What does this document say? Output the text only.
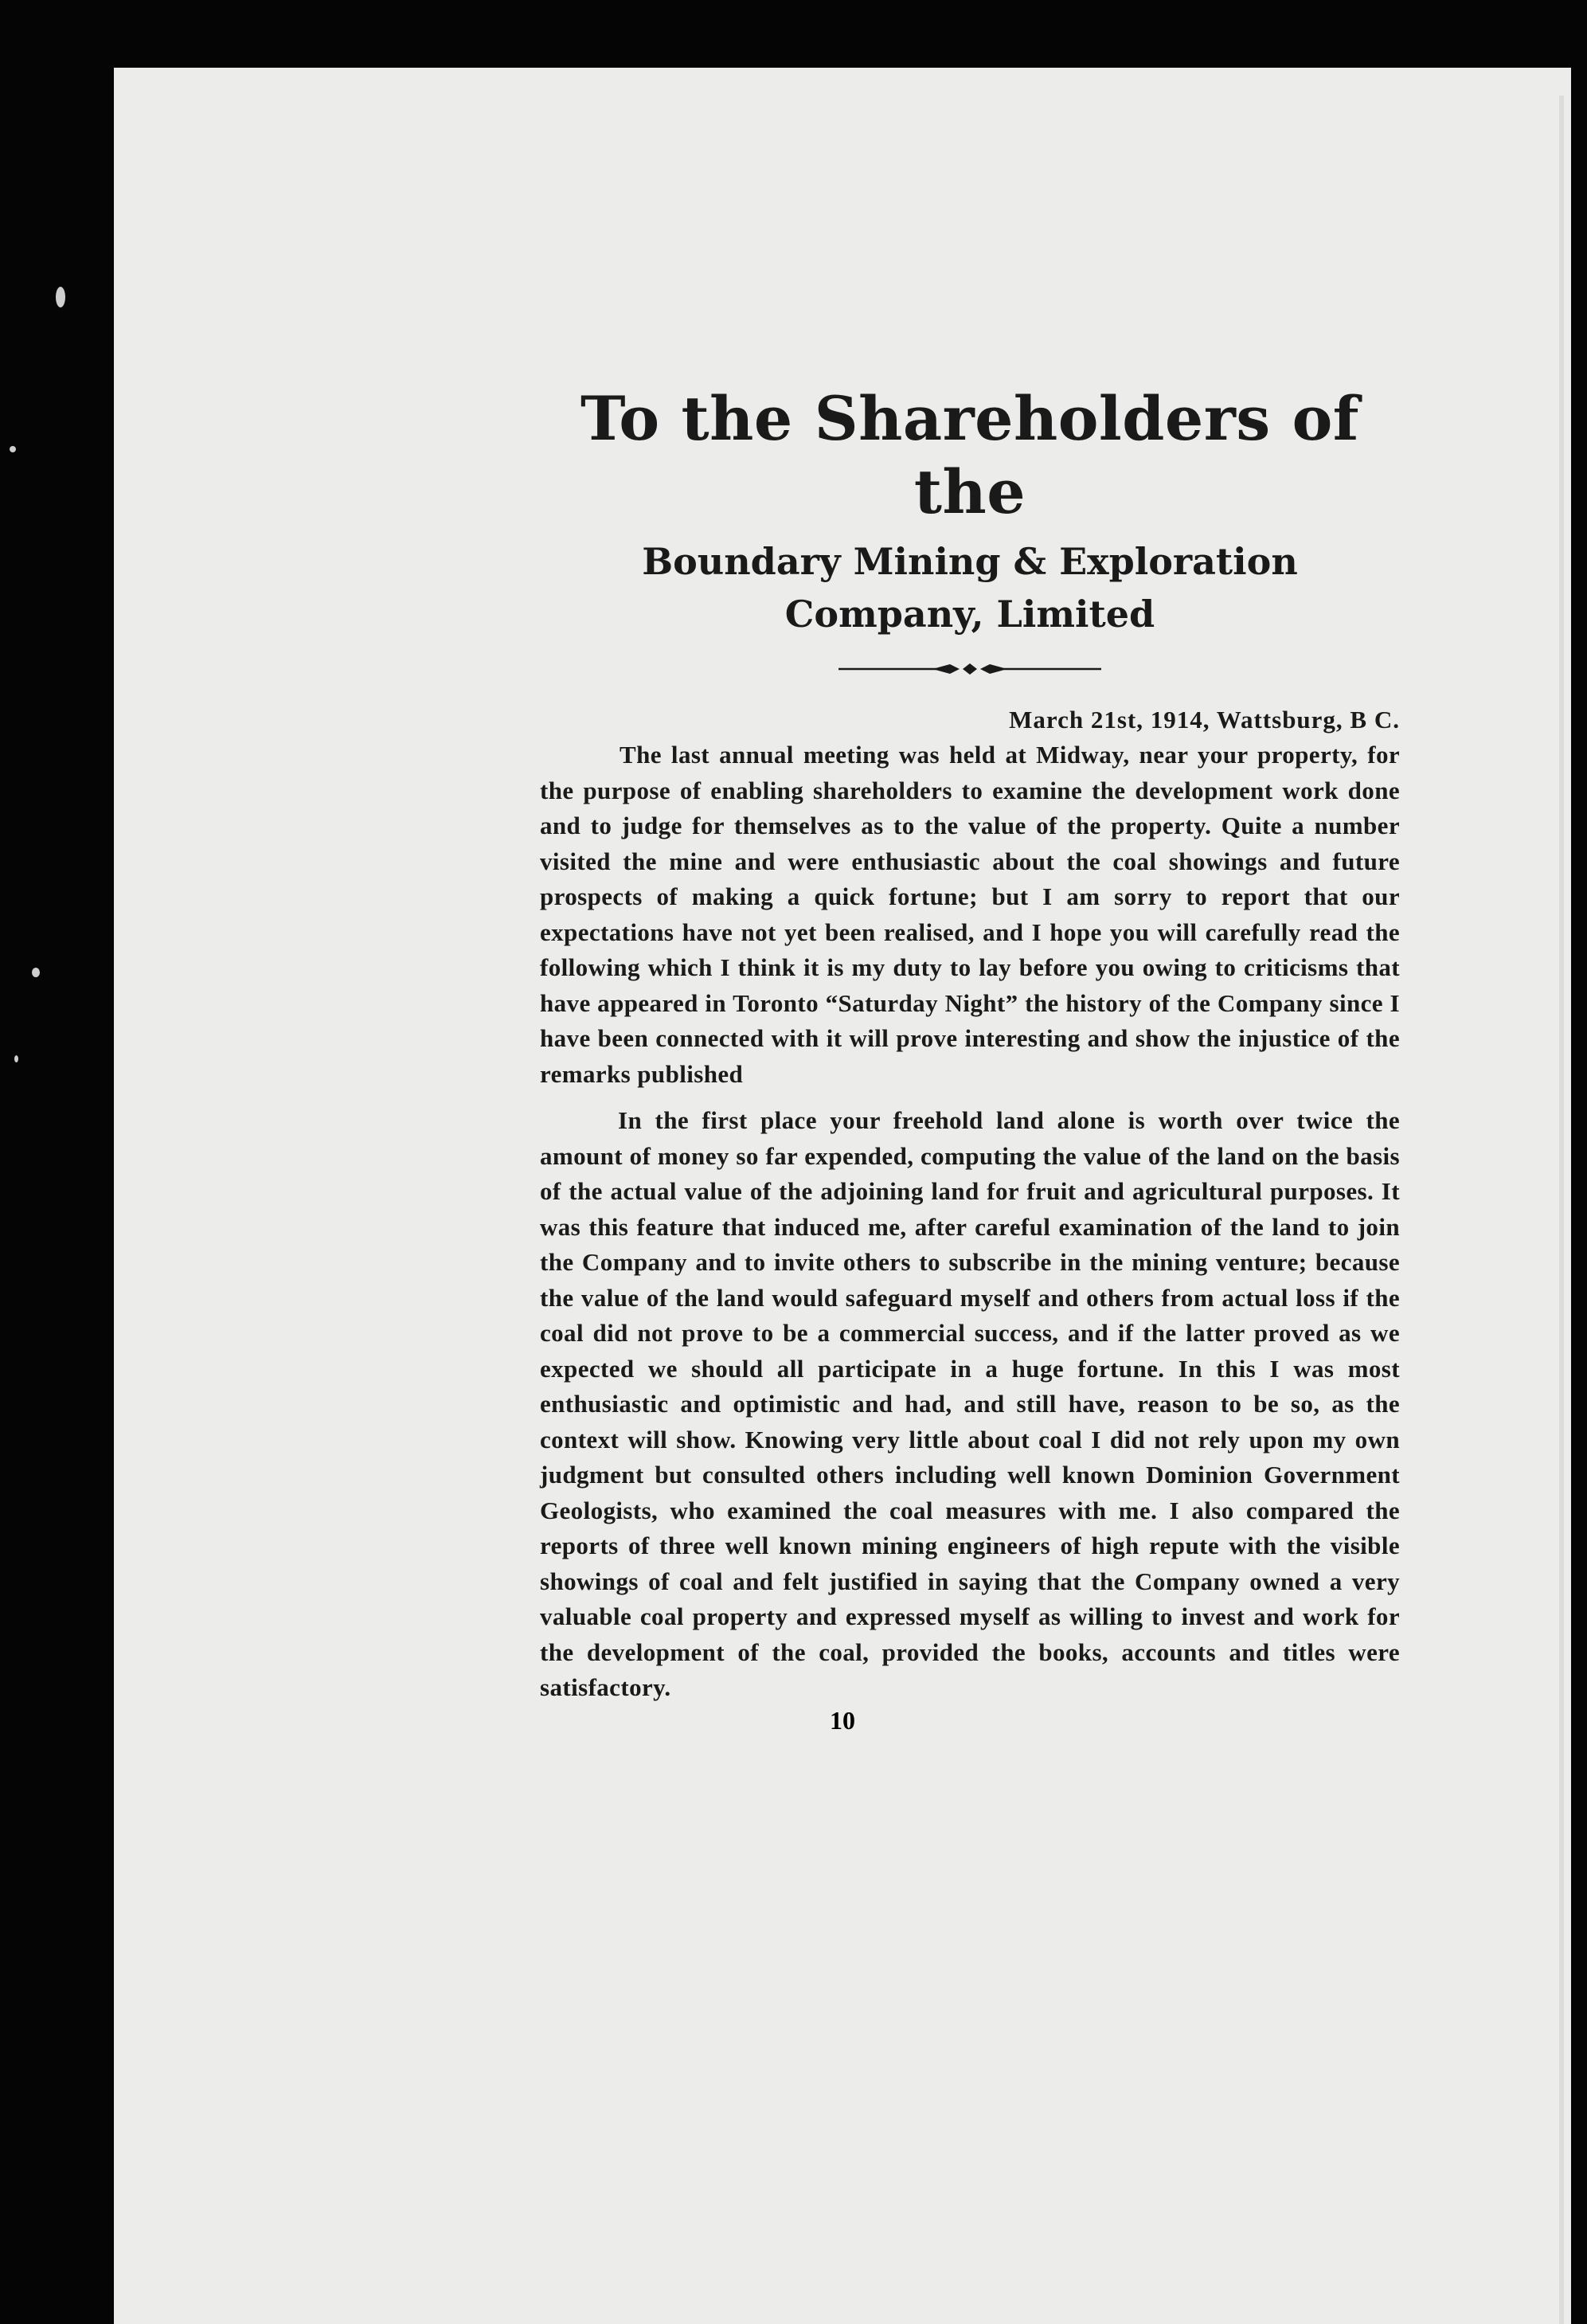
To the Shareholders of the
Boundary Mining & Exploration
Company, Limited

March 21st, 1914, Wattsburg, B C.

The last annual meeting was held at Midway, near your property, for the purpose of enabling shareholders to examine the development work done and to judge for themselves as to the value of the property. Quite a number visited the mine and were enthusiastic about the coal showings and future prospects of making a quick fortune; but I am sorry to report that our expectations have not yet been realised, and I hope you will carefully read the following which I think it is my duty to lay before you owing to criticisms that have appeared in Toronto “Saturday Night” the history of the Company since I have been connected with it will prove interesting and show the injustice of the remarks published

In the first place your freehold land alone is worth over twice the amount of money so far expended, computing the value of the land on the basis of the actual value of the adjoining land for fruit and agricultural purposes. It was this feature that induced me, after careful examination of the land to join the Company and to invite others to subscribe in the mining venture; because the value of the land would safeguard myself and others from actual loss if the coal did not prove to be a commercial success, and if the latter proved as we expected we should all participate in a huge fortune. In this I was most enthusiastic and optimistic and had, and still have, reason to be so, as the context will show. Knowing very little about coal I did not rely upon my own judgment but consulted others including well known Dominion Government Geologists, who examined the coal measures with me. I also compared the reports of three well known mining engineers of high repute with the visible showings of coal and felt justified in saying that the Company owned a very valuable coal property and expressed myself as willing to invest and work for the development of the coal, provided the books, accounts and titles were satisfactory.

10
